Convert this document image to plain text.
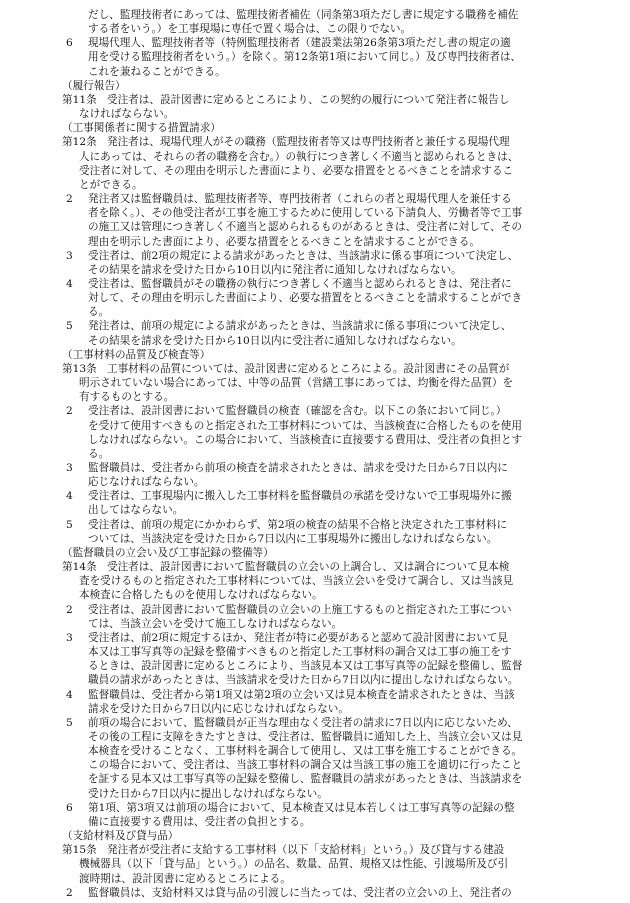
だし、監理技術者にあっては、監理技術者補佐（同条第3項ただし書に規定する職務を補佐
する者をいう。）を工事現場に専任で置く場合は、この限りでない。
6 現場代理人、監理技術者等（特例監理技術者（建設業法第26条第3項ただし書の規定の適
用を受ける監理技術者をいう。）を除く。第12条第1項において同じ。）及び専門技術者は、
これを兼ねることができる。
（履行報告）
第11条 受注者は、設計図書に定めるところにより、この契約の履行について発注者に報告し
なければならない。
（工事関係者に関する措置請求）
第12条 発注者は、現場代理人がその職務（監理技術者等又は専門技術者と兼任する現場代理
人にあっては、それらの者の職務を含む。）の執行につき著しく不適当と認められるときは、
受注者に対して、その理由を明示した書面により、必要な措置をとるべきことを請求するこ
とができる。
2 発注者又は監督職員は、監理技術者等、専門技術者（これらの者と現場代理人を兼任する
者を除く。）、その他受注者が工事を施工するために使用している下請負人、労働者等で工事
の施工又は管理につき著しく不適当と認められるものがあるときは、受注者に対して、その
理由を明示した書面により、必要な措置をとるべきことを請求することができる。
3 受注者は、前2項の規定による請求があったときは、当該請求に係る事項について決定し、
その結果を請求を受けた日から10日以内に発注者に通知しなければならない。
4 受注者は、監督職員がその職務の執行につき著しく不適当と認められるときは、発注者に
対して、その理由を明示した書面により、必要な措置をとるべきことを請求することができ
る。
5 発注者は、前項の規定による請求があったときは、当該請求に係る事項について決定し、
その結果を請求を受けた日から10日以内に受注者に通知しなければならない。
（工事材料の品質及び検査等）
第13条 工事材料の品質については、設計図書に定めるところによる。設計図書にその品質が
明示されていない場合にあっては、中等の品質（営繕工事にあっては、均衡を得た品質）を
有するものとする。
2 受注者は、設計図書において監督職員の検査（確認を含む。以下この条において同じ。）
を受けて使用すべきものと指定された工事材料については、当該検査に合格したものを使用
しなければならない。この場合において、当該検査に直接要する費用は、受注者の負担とす
る。
3 監督職員は、受注者から前項の検査を請求されたときは、請求を受けた日から7日以内に
応じなければならない。
4 受注者は、工事現場内に搬入した工事材料を監督職員の承諾を受けないで工事現場外に搬
出してはならない。
5 受注者は、前項の規定にかかわらず、第2項の検査の結果不合格と決定された工事材料に
ついては、当該決定を受けた日から7日以内に工事現場外に搬出しなければならない。
（監督職員の立会い及び工事記録の整備等）
第14条 受注者は、設計図書において監督職員の立会いの上調合し、又は調合について見本検
査を受けるものと指定された工事材料については、当該立会いを受けて調合し、又は当該見
本検査に合格したものを使用しなければならない。
2 受注者は、設計図書において監督職員の立会いの上施工するものと指定された工事につい
ては、当該立会いを受けて施工しなければならない。
3 受注者は、前2項に規定するほか、発注者が特に必要があると認めて設計図書において見
本又は工事写真等の記録を整備すべきものと指定した工事材料の調合又は工事の施工をす
るときは、設計図書に定めるところにより、当該見本又は工事写真等の記録を整備し、監督
職員の請求があったときは、当該請求を受けた日から7日以内に提出しなければならない。
4 監督職員は、受注者から第1項又は第2項の立会い又は見本検査を請求されたときは、当該
請求を受けた日から7日以内に応じなければならない。
5 前項の場合において、監督職員が正当な理由なく受注者の請求に7日以内に応じないため、
その後の工程に支障をきたすときは、受注者は、監督職員に通知した上、当該立会い又は見
本検査を受けることなく、工事材料を調合して使用し、又は工事を施工することができる。
この場合において、受注者は、当該工事材料の調合又は当該工事の施工を適切に行ったこと
を証する見本又は工事写真等の記録を整備し、監督職員の請求があったときは、当該請求を
受けた日から7日以内に提出しなければならない。
6 第1項、第3項又は前項の場合において、見本検査又は見本若しくは工事写真等の記録の整
備に直接要する費用は、受注者の負担とする。
（支給材料及び貸与品）
第15条 発注者が受注者に支給する工事材料（以下「支給材料」という。）及び貸与する建設
機械器具（以下「貸与品」という。）の品名、数量、品質、規格又は性能、引渡場所及び引
渡時期は、設計図書に定めるところによる。
2 監督職員は、支給材料又は貸与品の引渡しに当たっては、受注者の立会いの上、発注者の
